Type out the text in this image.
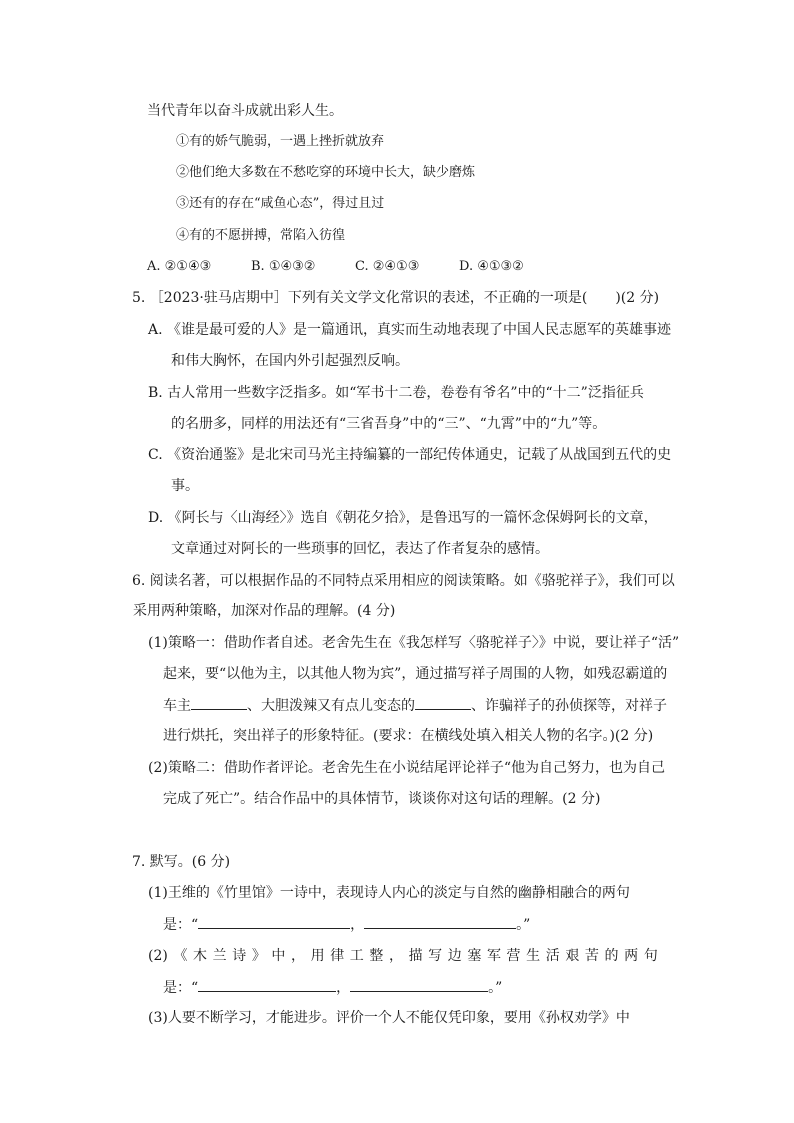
当代青年以奋斗成就出彩人生。
①有的娇气脆弱，一遇上挫折就放弃
②他们绝大多数在不愁吃穿的环境中长大，缺少磨炼
③还有的存在“咸鱼心态”，得过且过
④有的不愿拼搏，常陷入彷徨
A. ②①④③	B. ①④③②	C. ②④①③	D. ④①③②
5. ［2023·驻马店期中］下列有关文学文化常识的表述，不正确的一项是(　　)(2 分)
A. 《谁是最可爱的人》是一篇通讯，真实而生动地表现了中国人民志愿军的英雄事迹
和伟大胸怀，在国内外引起强烈反响。
B. 古人常用一些数字泛指多。如“军书十二卷，卷卷有爷名”中的“十二”泛指征兵
的名册多，同样的用法还有“三省吾身”中的“三”、“九霄”中的“九”等。
C. 《资治通鉴》是北宋司马光主持编纂的一部纪传体通史，记载了从战国到五代的史
事。
D. 《阿长与〈山海经〉》选自《朝花夕拾》，是鲁迅写的一篇怀念保姆阿长的文章，
文章通过对阿长的一些琐事的回忆，表达了作者复杂的感情。
6. 阅读名著，可以根据作品的不同特点采用相应的阅读策略。如《骆驼祥子》，我们可以
采用两种策略，加深对作品的理解。(4 分)
(1)策略一：借助作者自述。老舍先生在《我怎样写〈骆驼祥子〉》中说，要让祥子“活”
起来，要“以他为主，以其他人物为宾”，通过描写祥子周围的人物，如残忍霸道的
车主	、大胆泼辣又有点儿变态的	、诈骗祥子的孙侦探等，对祥子
进行烘托，突出祥子的形象特征。(要求：在横线处填入相关人物的名字。)(2 分)
(2)策略二：借助作者评论。老舍先生在小说结尾评论祥子“他为自己努力，也为自己
完成了死亡”。结合作品中的具体情节，谈谈你对这句话的理解。(2 分)
7. 默写。(6 分)
(1)王维的《竹里馆》一诗中，表现诗人内心的淡定与自然的幽静相融合的两句
是：“	，	。”
(2) 《 木 兰 诗 》 中 ， 用 律 工 整 ， 描 写 边 塞 军 营 生 活 艰 苦 的 两 句
是：“	，	。”
(3)人要不断学习，才能进步。评价一个人不能仅凭印象，要用《孙权劝学》中
